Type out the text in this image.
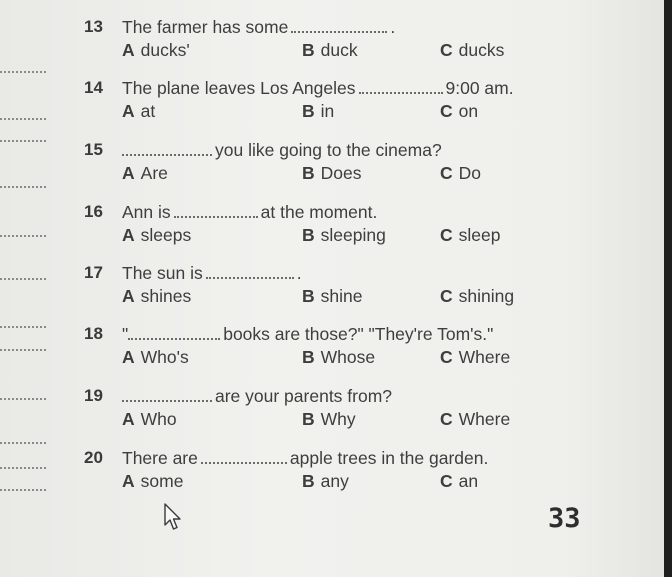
13 The farmer has some	.
A ducks'	B duck	C ducks
14 The plane leaves Los Angeles	9:00 am.
A at	B in	C on
15	you like going to the cinema?
A Are	B Does	C Do
16 Ann is	at the moment.
A sleeps	B sleeping	C sleep
17 The sun is	.
A shines	B shine	C shining
18 "	books are those?" "They're Tom's."
A Who's	B Whose	C Where
19	are your parents from?
A Who	B Why	C Where
20 There are	apple trees in the garden.
A some	B any	C an
33
